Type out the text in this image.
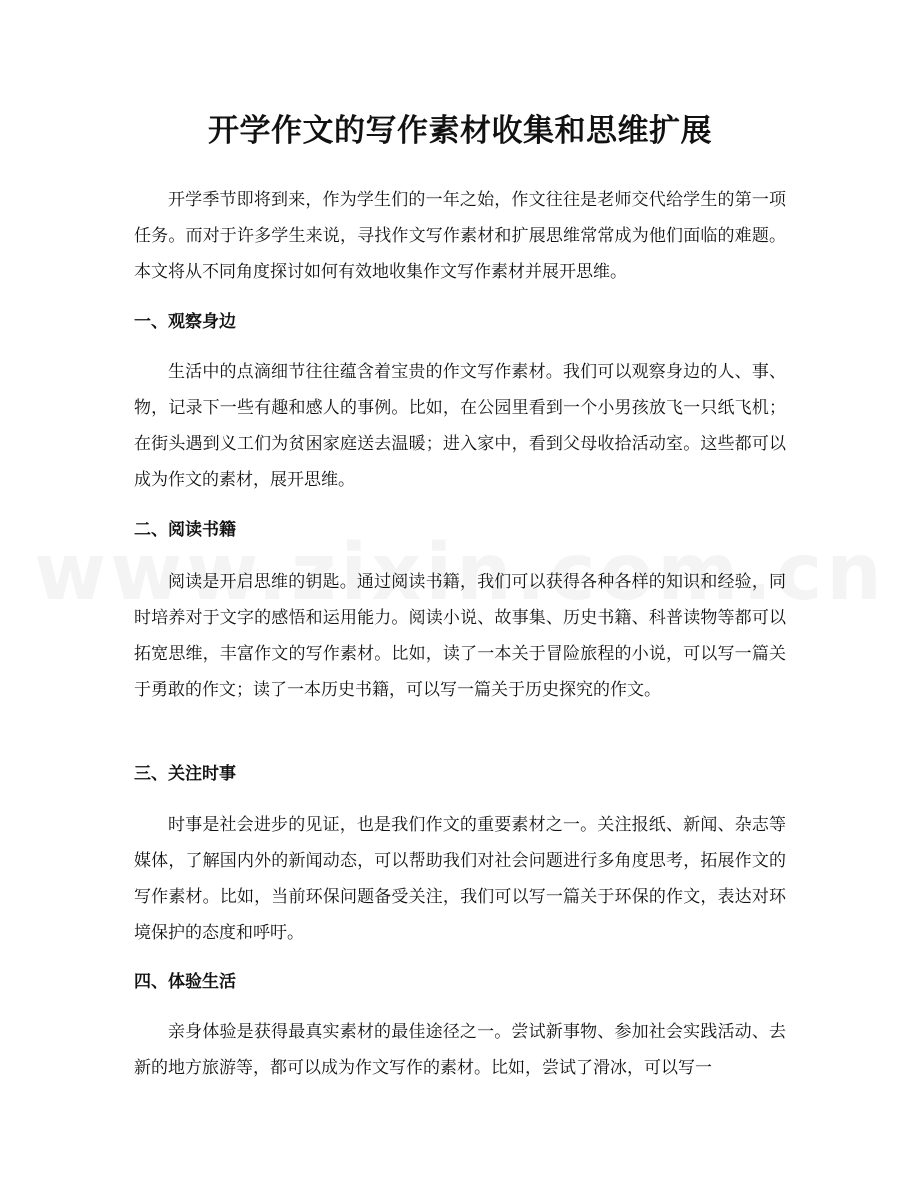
开学作文的写作素材收集和思维扩展

开学季节即将到来，作为学生们的一年之始，作文往往是老师交代给学生的第一项任务。而对于许多学生来说，寻找作文写作素材和扩展思维常常成为他们面临的难题。本文将从不同角度探讨如何有效地收集作文写作素材并展开思维。

一、观察身边

生活中的点滴细节往往蕴含着宝贵的作文写作素材。我们可以观察身边的人、事、物，记录下一些有趣和感人的事例。比如，在公园里看到一个小男孩放飞一只纸飞机；在街头遇到义工们为贫困家庭送去温暖；进入家中，看到父母收拾活动室。这些都可以成为作文的素材，展开思维。

二、阅读书籍

阅读是开启思维的钥匙。通过阅读书籍，我们可以获得各种各样的知识和经验，同时培养对于文字的感悟和运用能力。阅读小说、故事集、历史书籍、科普读物等都可以拓宽思维，丰富作文的写作素材。比如，读了一本关于冒险旅程的小说，可以写一篇关于勇敢的作文；读了一本历史书籍，可以写一篇关于历史探究的作文。

三、关注时事

时事是社会进步的见证，也是我们作文的重要素材之一。关注报纸、新闻、杂志等媒体，了解国内外的新闻动态，可以帮助我们对社会问题进行多角度思考，拓展作文的写作素材。比如，当前环保问题备受关注，我们可以写一篇关于环保的作文，表达对环境保护的态度和呼吁。

四、体验生活

亲身体验是获得最真实素材的最佳途径之一。尝试新事物、参加社会实践活动、去新的地方旅游等，都可以成为作文写作的素材。比如，尝试了滑冰，可以写一
